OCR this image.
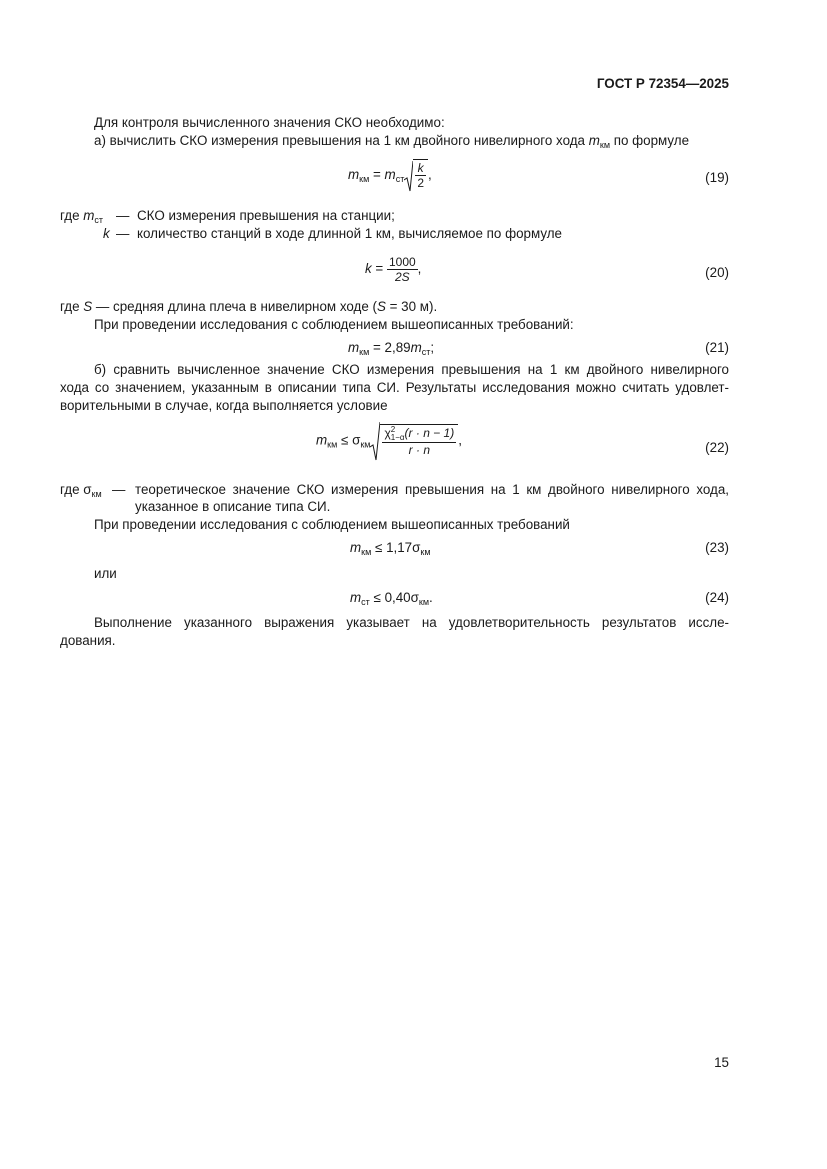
ГОСТ Р 72354—2025
Для контроля вычисленного значения СКО необходимо:
а) вычислить СКО измерения превышения на 1 км двойного нивелирного хода $m_{км}$ по формуле
$m_{км} = m_{ст} \frac{k}{2}$ ,	(19)
где $m_{ст}$ — СКО измерения превышения на станции;
k — количество станций в ходе длинной 1 км, вычисляемое по формуле
$k = \frac{1000}{2S}$ ,	(20)
где S — средняя длина плеча в нивелирном ходе (S = 30 м).
При проведении исследования с соблюдением вышеописанных требований:
$m_{км} = 2,89m_{ст}$;	(21)
б) сравнить вычисленное значение СКО измерения превышения на 1 км двойного нивелирного
хода со значением, указанным в описании типа СИ. Результаты исследования можно считать удовлет-
ворительными в случае, когда выполняется условие
$m_{км} \le \sigma_{км}$ χ 2
1−α (r · n − 1)
r · n ,	(22)
где $\sigma_{км}$ — теоретическое значение СКО измерения превышения на 1 км двойного нивелирного хода,
указанное в описание типа СИ.
При проведении исследования с соблюдением вышеописанных требований
$m_{км} \le 1,17\sigma_{км}$	(23)
или
$m_{ст} \le 0,40\sigma_{км}$.	(24)
Выполнение указанного выражения указывает на удовлетворительность результатов иссле-
дования.
15
